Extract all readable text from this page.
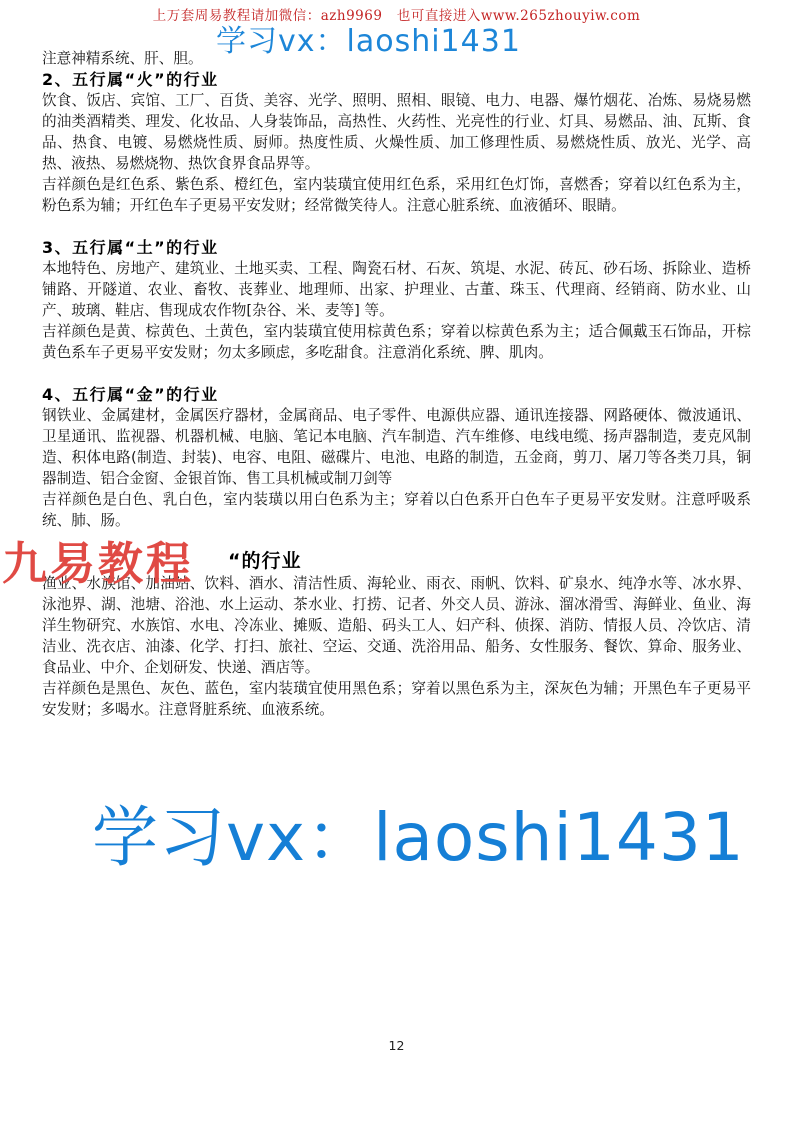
上万套周易教程请加微信：azh9969   也可直接进入www.265zhouyiw.com
学习vx：laoshi1431

注意神精系统、肝、胆。

2、五行属“火”的行业

饮食、饭店、宾馆、工厂、百货、美容、光学、照明、照相、眼镜、电力、电器、爆竹烟花、冶炼、易烧易燃的油类酒精类、理发、化妆品、人身装饰品，高热性、火药性、光亮性的行业、灯具、易燃品、油、瓦斯、食品、热食、电镀、易燃烧性质、厨师。热度性质、火燥性质、加工修理性质、易燃烧性质、放光、光学、高热、液热、易燃烧物、热饮食界食品界等。

吉祥颜色是红色系、紫色系、橙红色，室内装璜宜使用红色系，采用红色灯饰，喜燃香；穿着以红色系为主，粉色系为辅；开红色车子更易平安发财；经常微笑待人。注意心脏系统、血液循环、眼睛。

3、五行属“土”的行业

本地特色、房地产、建筑业、土地买卖、工程、陶瓷石材、石灰、筑堤、水泥、砖瓦、砂石场、拆除业、造桥铺路、开隧道、农业、畜牧、丧葬业、地理师、出家、护理业、古董、珠玉、代理商、经销商、防水业、山产、玻璃、鞋店、售现成农作物[杂谷、米、麦等] 等。

吉祥颜色是黄、棕黄色、土黄色，室内装璜宜使用棕黄色系；穿着以棕黄色系为主；适合佩戴玉石饰品，开棕黄色系车子更易平安发财；勿太多顾虑，多吃甜食。注意消化系统、脾、肌肉。

4、五行属“金”的行业

钢铁业、金属建材，金属医疗器材，金属商品、电子零件、电源供应器、通讯连接器、网路硬体、微波通讯、卫星通讯、监视器、机器机械、电脑、笔记本电脑、汽车制造、汽车维修、电线电缆、扬声器制造，麦克风制造、积体电路(制造、封装)、电容、电阻、磁碟片、电池、电路的制造，五金商，剪刀、屠刀等各类刀具，铜器制造、铝合金窗、金银首饰、售工具机械或制刀剑等

吉祥颜色是白色、乳白色，室内装璜以用白色系为主；穿着以白色系开白色车子更易平安发财。注意呼吸系统、肺、肠。

九易教程 “的行业

渔业、水族馆、加油站、饮料、酒水、清洁性质、海轮业、雨衣、雨帆、饮料、矿泉水、纯净水等、冰水界、泳池界、湖、池塘、浴池、水上运动、茶水业、打捞、记者、外交人员、游泳、溜冰滑雪、海鲜业、鱼业、海洋生物研究、水族馆、水电、冷冻业、摊贩、造船、码头工人、妇产科、侦探、消防、情报人员、冷饮店、清洁业、洗衣店、油漆、化学、打扫、旅社、空运、交通、洗浴用品、船务、女性服务、餐饮、算命、服务业、食品业、中介、企划研发、快递、酒店等。

吉祥颜色是黑色、灰色、蓝色，室内装璜宜使用黑色系；穿着以黑色系为主，深灰色为辅；开黑色车子更易平安发财；多喝水。注意肾脏系统、血液系统。

学习vx：laoshi1431
12
